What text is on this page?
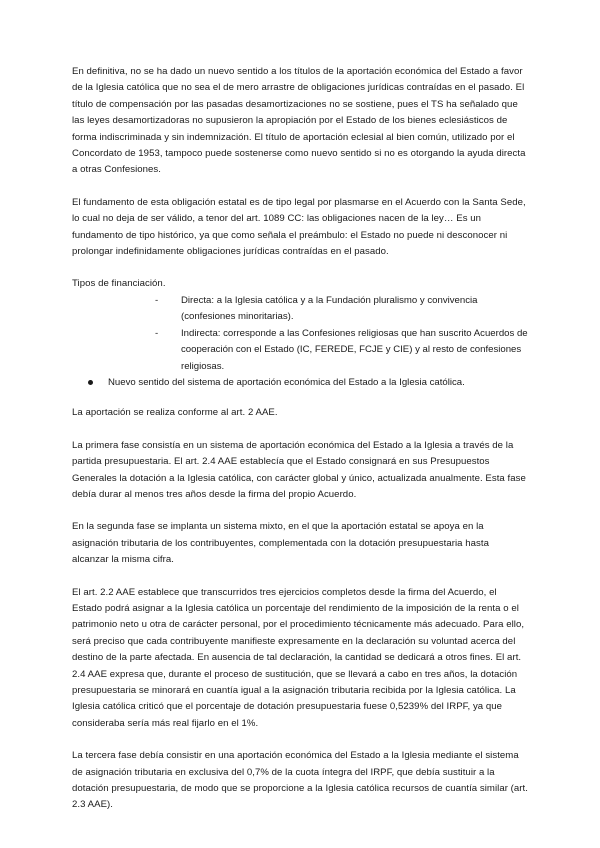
En definitiva, no se ha dado un nuevo sentido a los títulos de la aportación económica del Estado a favor de la Iglesia católica que no sea el de mero arrastre de obligaciones jurídicas contraídas en el pasado. El título de compensación por las pasadas desamortizaciones no se sostiene, pues el TS ha señalado que las leyes desamortizadoras no supusieron la apropiación por el Estado de los bienes eclesiásticos de forma indiscriminada y sin indemnización. El título de aportación eclesial al bien común, utilizado por el Concordato de 1953, tampoco puede sostenerse como nuevo sentido si no es otorgando la ayuda directa a otras Confesiones.

El fundamento de esta obligación estatal es de tipo legal por plasmarse en el Acuerdo con la Santa Sede, lo cual no deja de ser válido, a tenor del art. 1089 CC: las obligaciones nacen de la ley… Es un fundamento de tipo histórico, ya que como señala el preámbulo: el Estado no puede ni desconocer ni prolongar indefinidamente obligaciones jurídicas contraídas en el pasado.

Tipos de financiación.

- Directa: a la Iglesia católica y a la Fundación pluralismo y convivencia (confesiones minoritarias).
- Indirecta: corresponde a las Confesiones religiosas que han suscrito Acuerdos de cooperación con el Estado (IC, FEREDE, FCJE y CIE) y al resto de confesiones religiosas.
Nuevo sentido del sistema de aportación económica del Estado a la Iglesia católica.

La aportación se realiza conforme al art. 2 AAE.

La primera fase consistía en un sistema de aportación económica del Estado a la Iglesia a través de la partida presupuestaria. El art. 2.4 AAE establecía que el Estado consignará en sus Presupuestos Generales la dotación a la Iglesia católica, con carácter global y único, actualizada anualmente. Esta fase debía durar al menos tres años desde la firma del propio Acuerdo.

En la segunda fase se implanta un sistema mixto, en el que la aportación estatal se apoya en la asignación tributaria de los contribuyentes, complementada con la dotación presupuestaria hasta alcanzar la misma cifra.

El art. 2.2 AAE establece que transcurridos tres ejercicios completos desde la firma del Acuerdo, el Estado podrá asignar a la Iglesia católica un porcentaje del rendimiento de la imposición de la renta o el patrimonio neto u otra de carácter personal, por el procedimiento técnicamente más adecuado. Para ello, será preciso que cada contribuyente manifieste expresamente en la declaración su voluntad acerca del destino de la parte afectada. En ausencia de tal declaración, la cantidad se dedicará a otros fines. El art. 2.4 AAE expresa que, durante el proceso de sustitución, que se llevará a cabo en tres años, la dotación presupuestaria se minorará en cuantía igual a la asignación tributaria recibida por la Iglesia católica. La Iglesia católica criticó que el porcentaje de dotación presupuestaria fuese 0,5239% del IRPF, ya que consideraba sería más real fijarlo en el 1%.

La tercera fase debía consistir en una aportación económica del Estado a la Iglesia mediante el sistema de asignación tributaria en exclusiva del 0,7% de la cuota íntegra del IRPF, que debía sustituir a la dotación presupuestaria, de modo que se proporcione a la Iglesia católica recursos de cuantía similar (art. 2.3 AAE).
